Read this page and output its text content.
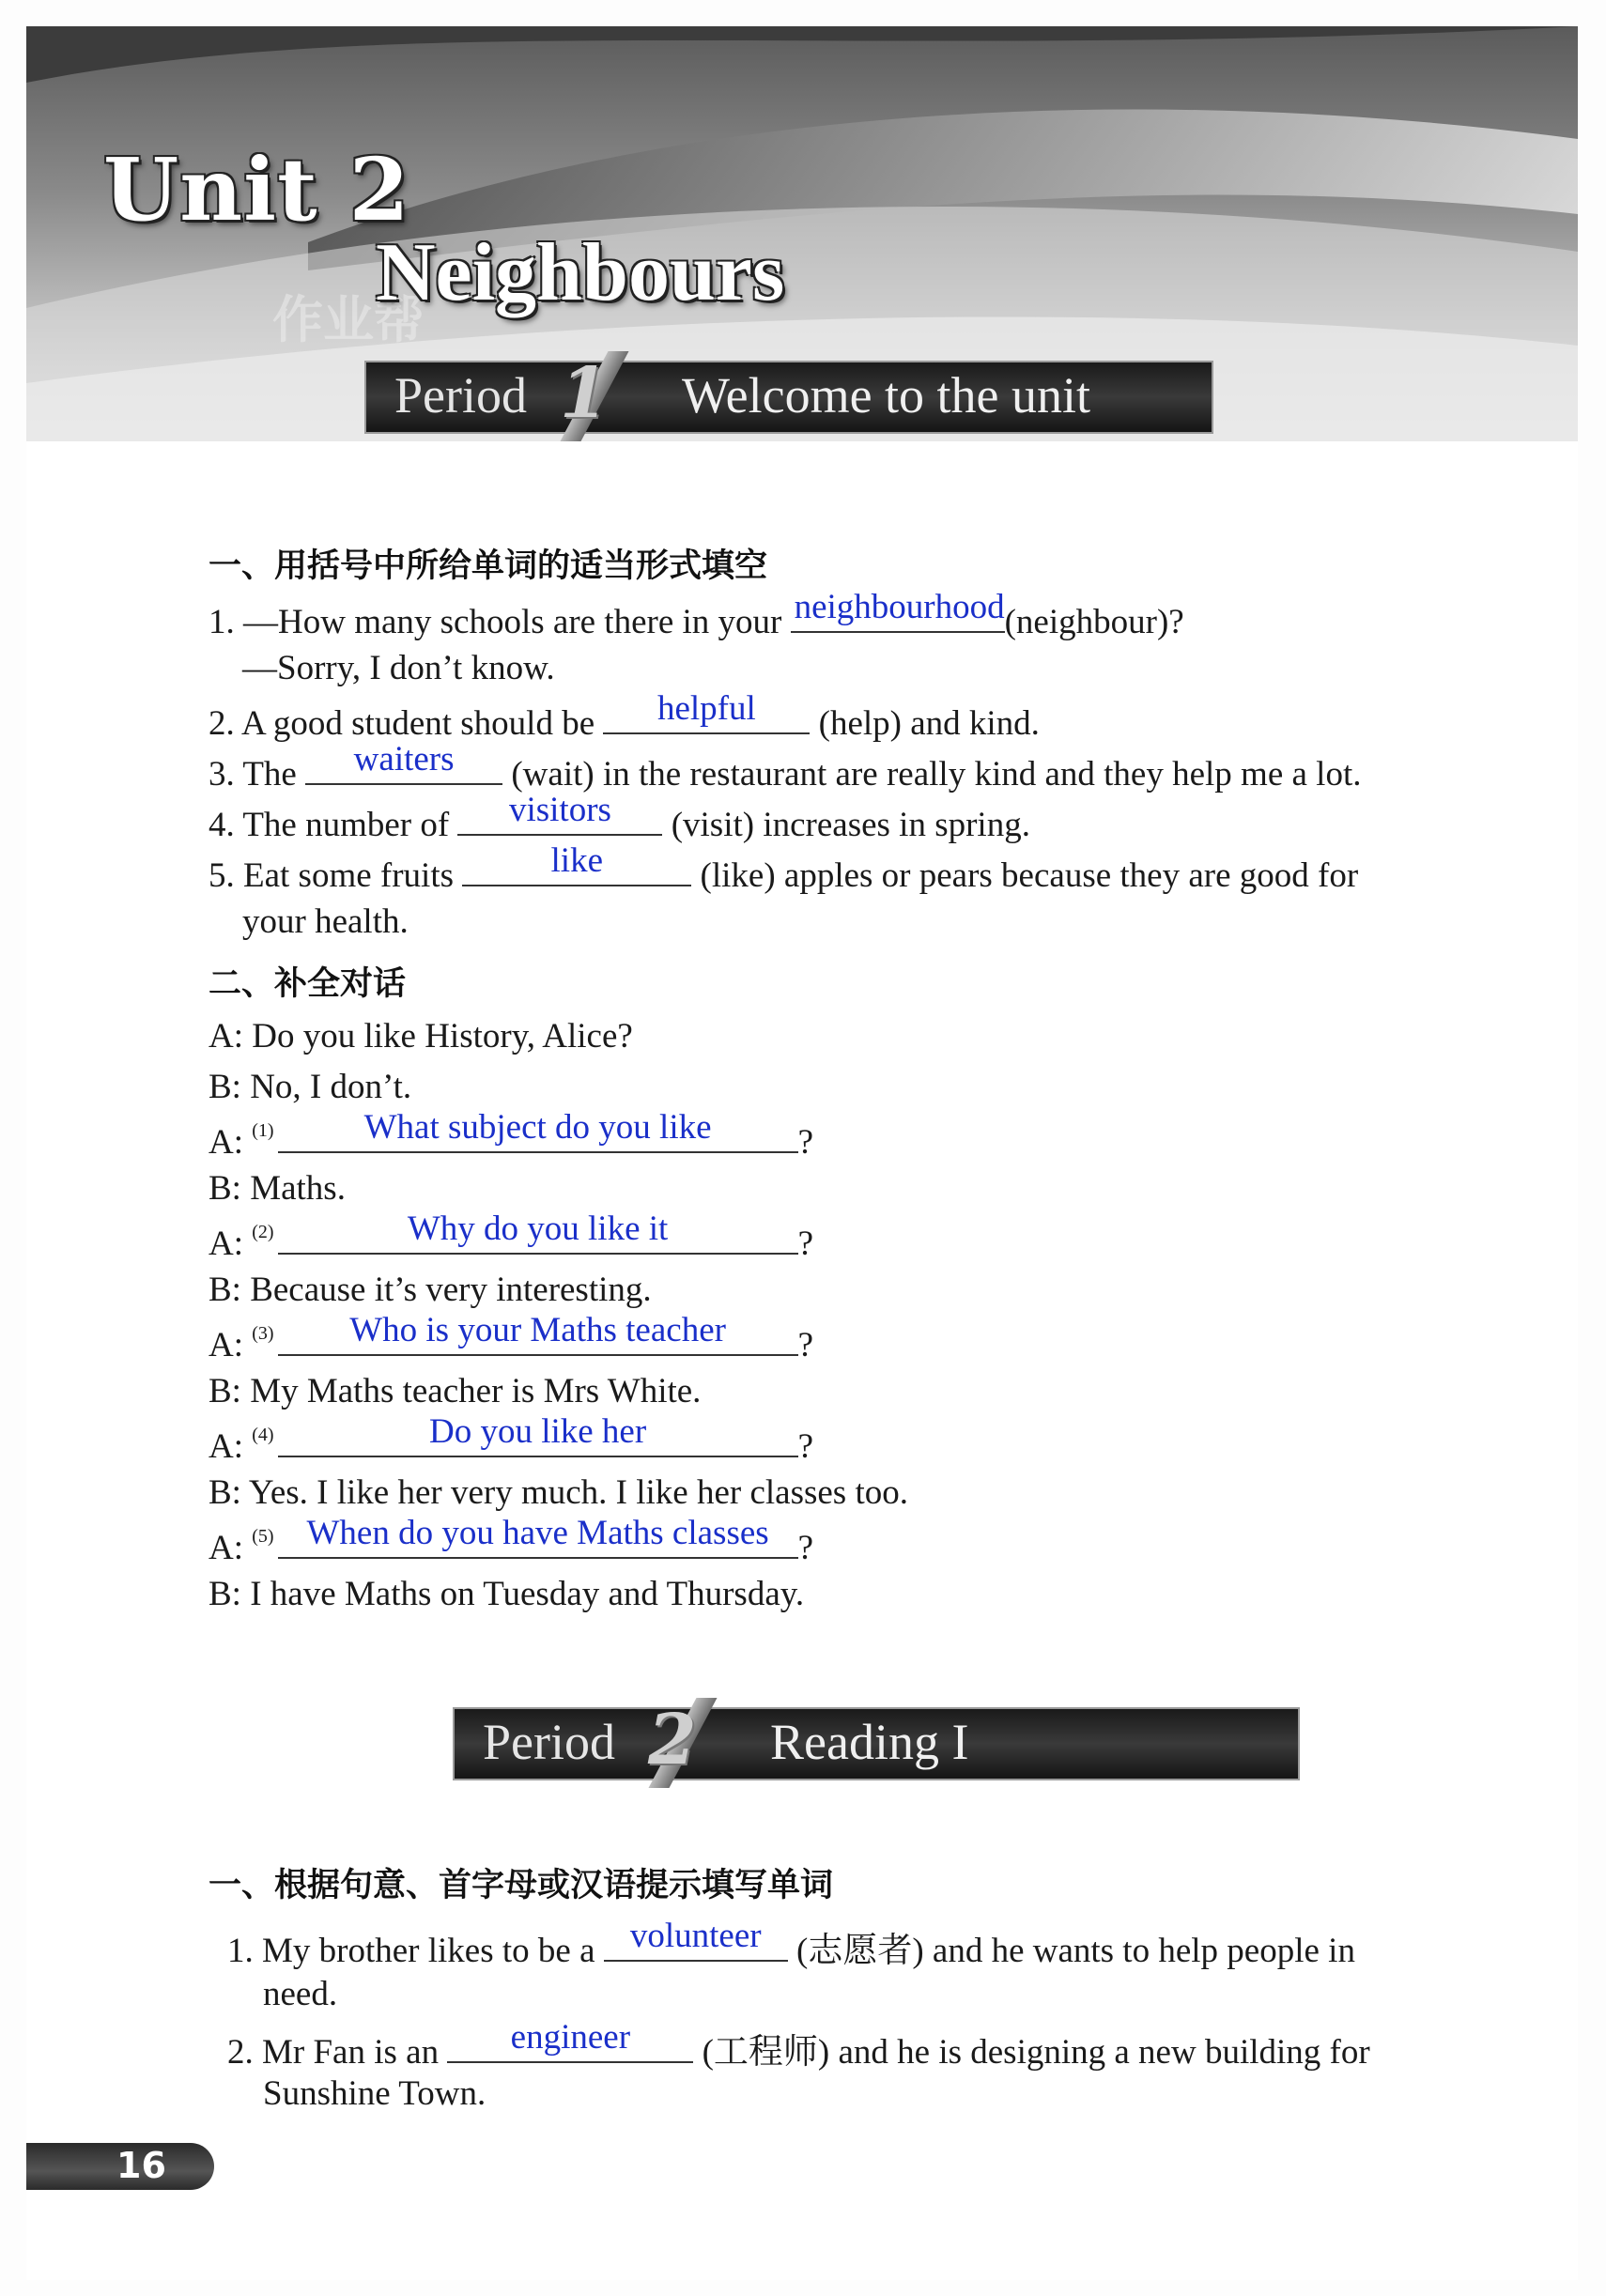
作业帮
Unit 2
Neighbours
Period 1 Welcome to the unit
一、用括号中所给单词的适当形式填空
1. —How many schools are there in your neighbourhood (neighbour)?
—Sorry, I don’t know.
2. A good student should be	helpful	(help) and kind.
3. The	waiters	(wait) in the restaurant are really kind and they help me a lot.
4. The number of	visitors	(visit) increases in spring.
5. Eat some fruits	like	(like) apples or pears because they are good for
your health.
二、补全对话
A: Do you like History, Alice?
B: No, I don’t.
A: $^{(1)}$	What subject do you like	?
B: Maths.
A: $^{(2)}$	Why do you like it	?
B: Because it’s very interesting.
A: $^{(3)}$	Who is your Maths teacher	?
B: My Maths teacher is Mrs White.
A: $^{(4)}$	Do you like her	?
B: Yes. I like her very much. I like her classes too.
A: $^{(5)}$ When do you have Maths classes ?
B: I have Maths on Tuesday and Thursday.
Period 2 Reading I
一、根据句意、首字母或汉语提示填写单词
1. My brother likes to be a	volunteer	(志愿者) and he wants to help people in
need.
2. Mr Fan is an	engineer	(工程师) and he is designing a new building for
Sunshine Town.
16
